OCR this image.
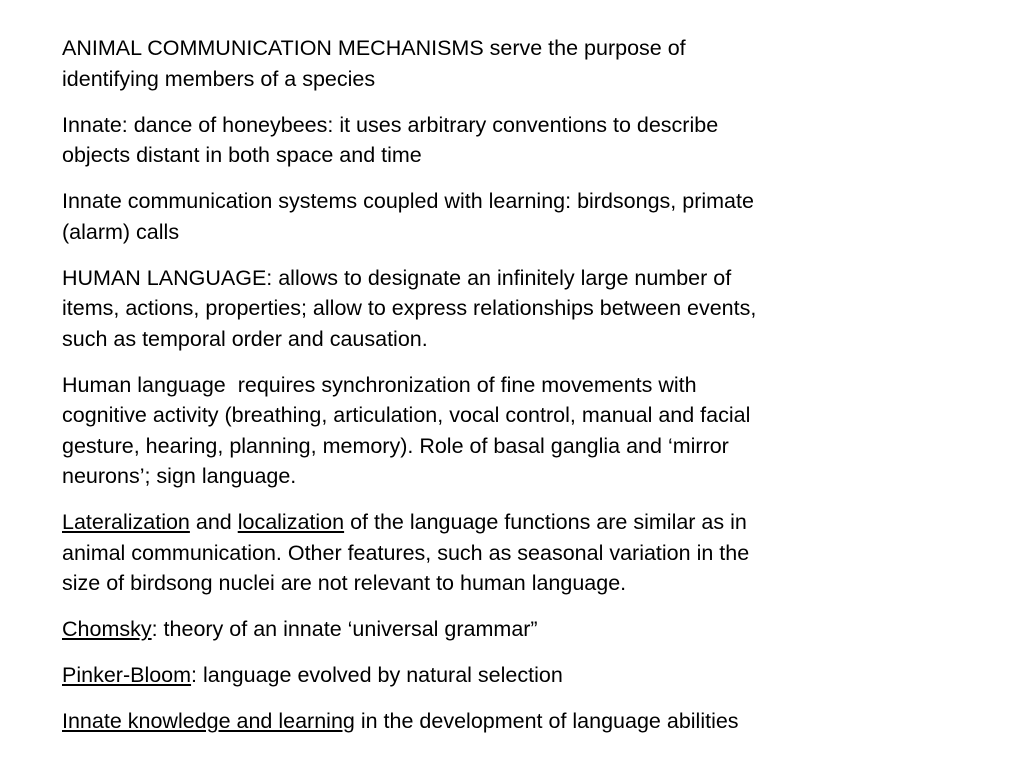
ANIMAL COMMUNICATION MECHANISMS serve the purpose of
identifying members of a species

Innate: dance of honeybees: it uses arbitrary conventions to describe
objects distant in both space and time

Innate communication systems coupled with learning: birdsongs, primate
(alarm) calls

HUMAN LANGUAGE: allows to designate an infinitely large number of
items, actions, properties; allow to express relationships between events,
such as temporal order and causation.

Human language  requires synchronization of fine movements with
cognitive activity (breathing, articulation, vocal control, manual and facial
gesture, hearing, planning, memory). Role of basal ganglia and ‘mirror
neurons’; sign language.

Lateralization and localization of the language functions are similar as in
animal communication. Other features, such as seasonal variation in the
size of birdsong nuclei are not relevant to human language.

Chomsky: theory of an innate ‘universal grammar”

Pinker-Bloom: language evolved by natural selection

Innate knowledge and learning in the development of language abilities
